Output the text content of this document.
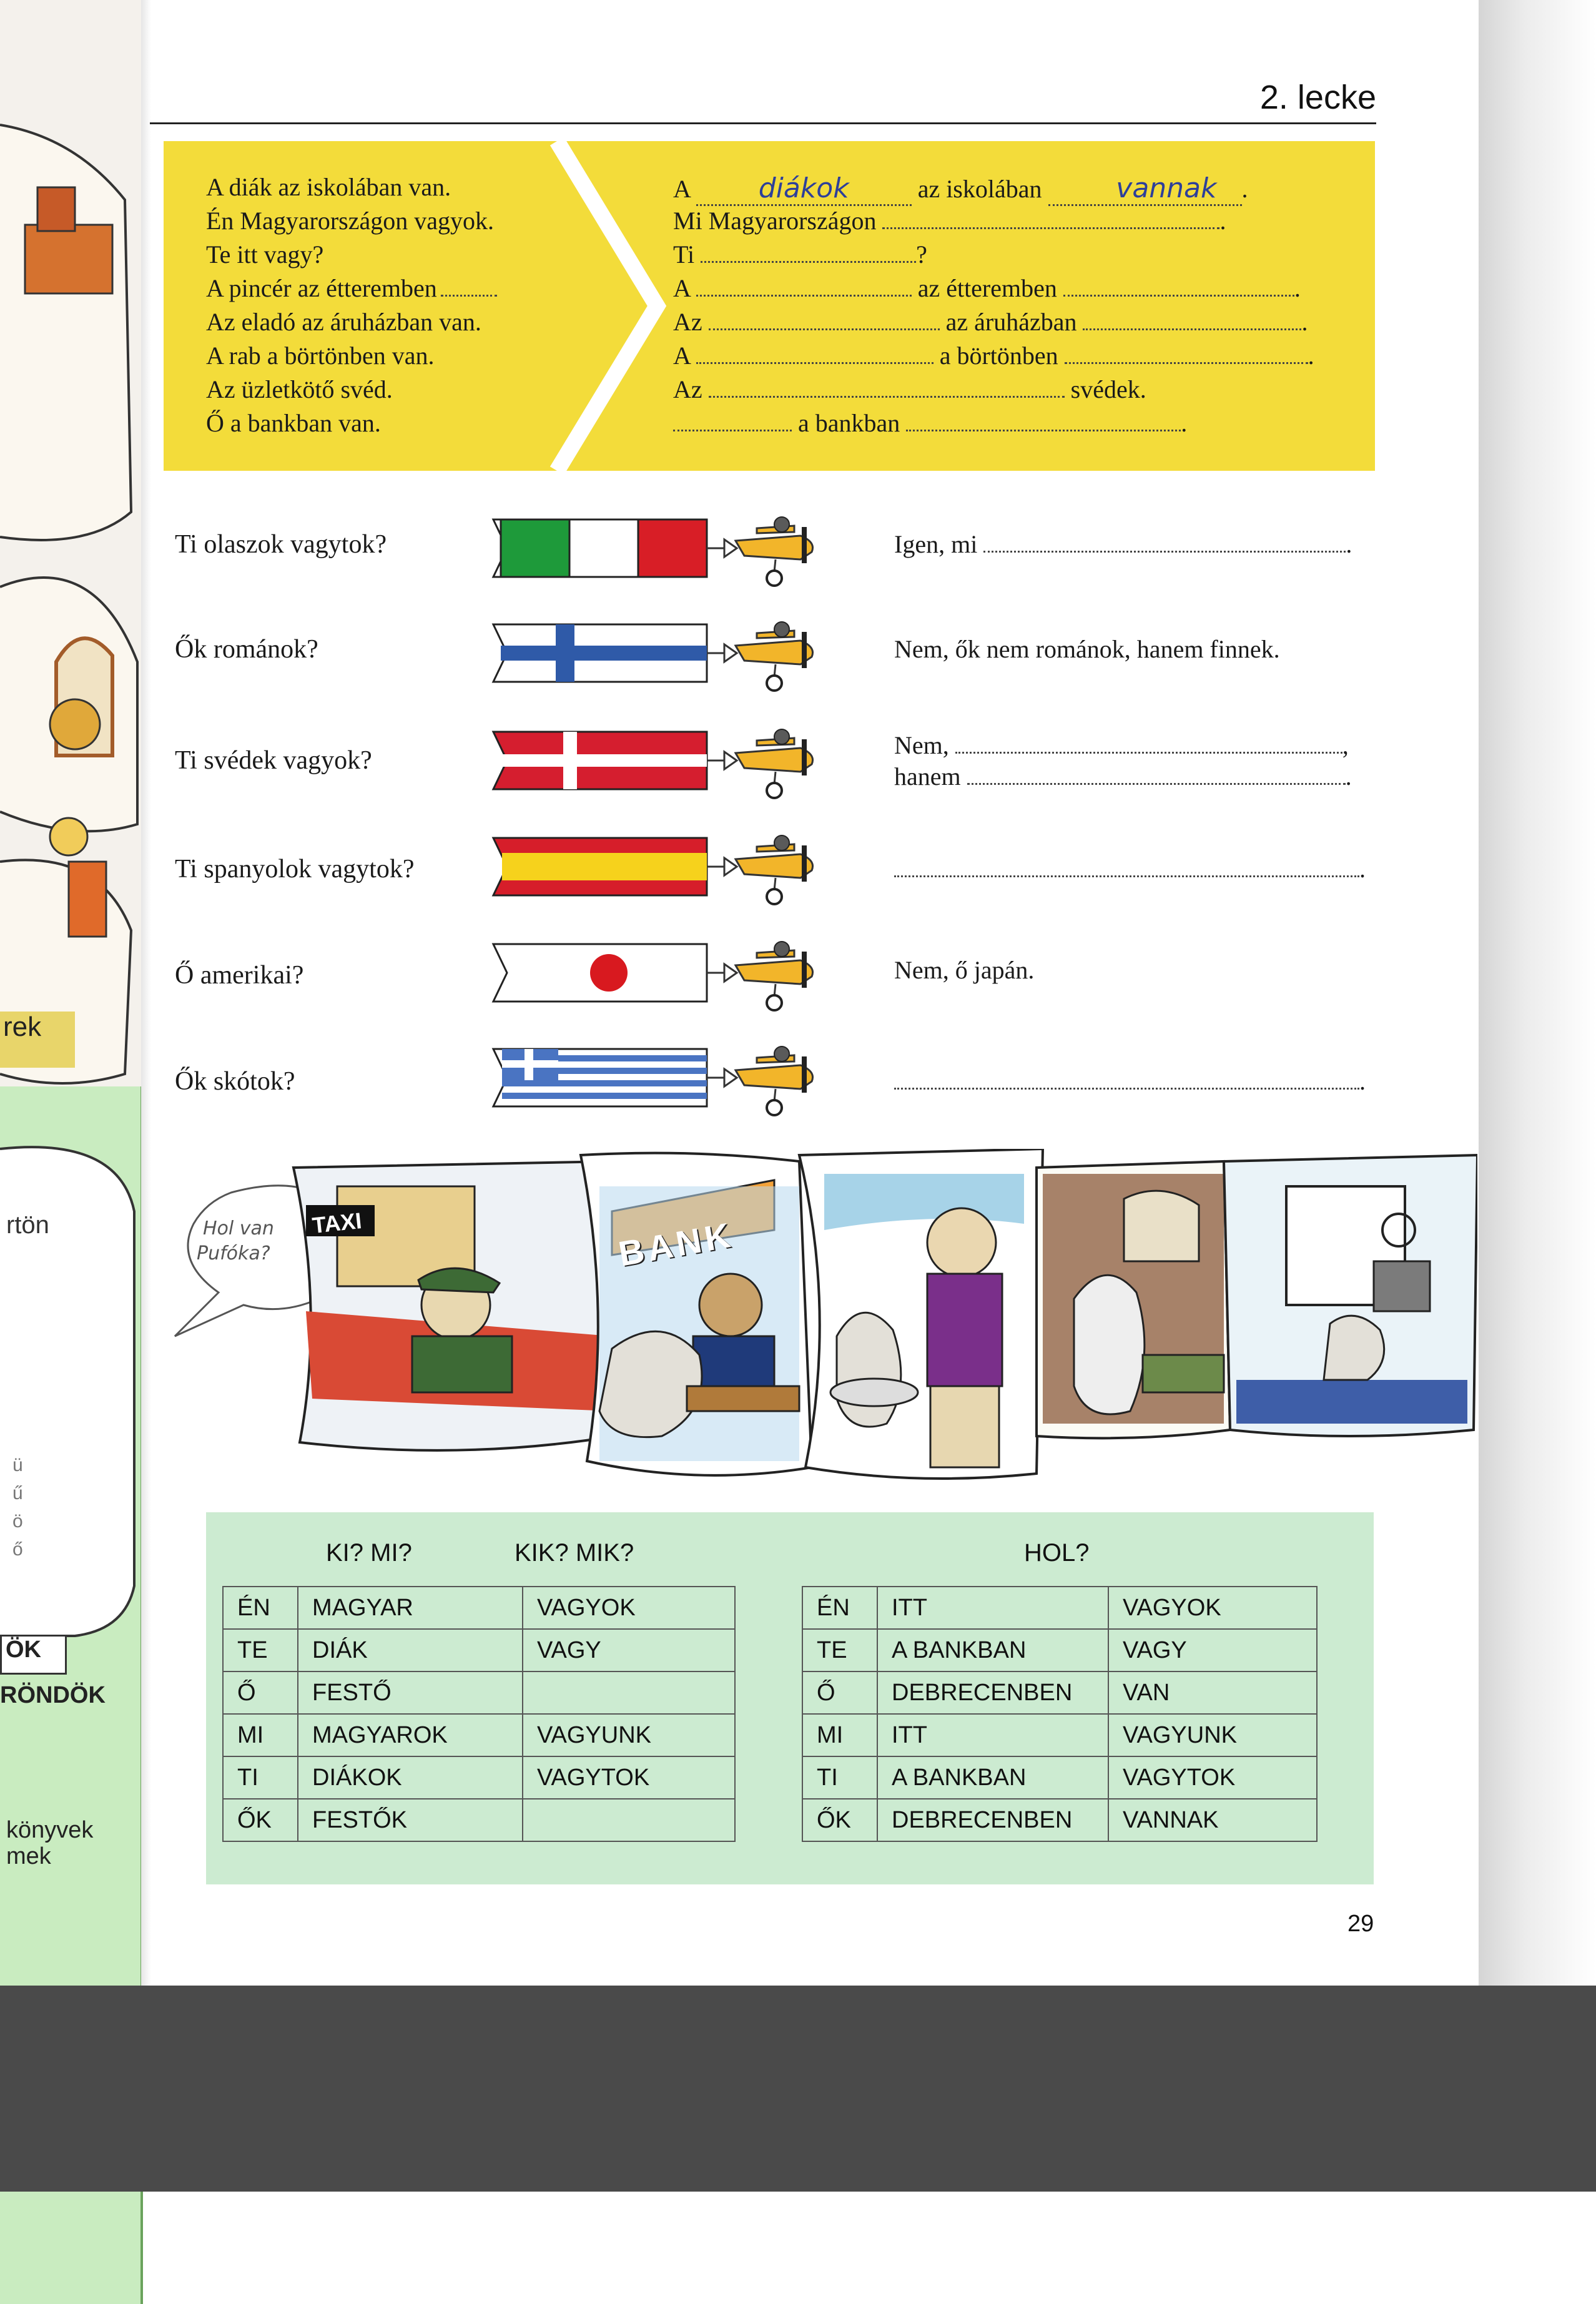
rek
rtön
ü
ű
ö
ő
ÖK
RÖNDÖK
könyvek
mek
2. lecke
A diák az iskolában van.
Én Magyarországon vagyok.
Te itt vagy?
A pincér az étteremben
Az eladó az áruházban van.
A rab a börtönben van.
Az üzletkötő svéd.
Ő a bankban van.
A	diákok	az iskolában	vannak .
Mi Magyarországon	.
Ti	?
A	az étteremben	.
Az	az áruházban	.
A	a börtönben	.
Az	svédek.
a bankban	.
Ti olaszok vagytok?
Ők románok?
Ti svédek vagyok?
Ti spanyolok vagytok?
Ő amerikai?
Ők skótok?
Igen, mi	.
Nem, ők nem románok, hanem finnek.
Nem,	,
hanem	.
.
Nem, ő japán.
.
Hol van
Pufóka?
TAXI	BANK
KI? MI?	KIK? MIK?	HOL?
ÉN	MAGYAR	VAGYOK
TE	DIÁK	VAGY
Ő	FESTŐ	
MI	MAGYAROK	VAGYUNK
TI	DIÁKOK	VAGYTOK
ŐK	FESTŐK	
ÉN	ITT	VAGYOK
TE	A BANKBAN	VAGY
Ő	DEBRECENBEN	VAN
MI	ITT	VAGYUNK
TI	A BANKBAN	VAGYTOK
ŐK	DEBRECENBEN	VANNAK
29
